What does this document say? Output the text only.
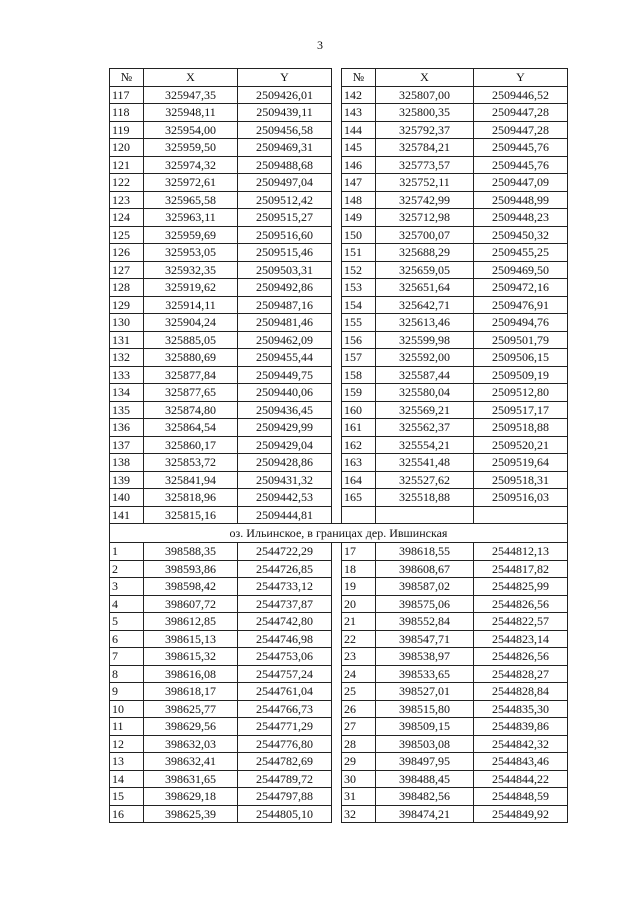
3
№	X	Y		№	X	Y
117	325947,35	2509426,01		142	325807,00	2509446,52
118	325948,11	2509439,11		143	325800,35	2509447,28
119	325954,00	2509456,58		144	325792,37	2509447,28
120	325959,50	2509469,31		145	325784,21	2509445,76
121	325974,32	2509488,68		146	325773,57	2509445,76
122	325972,61	2509497,04		147	325752,11	2509447,09
123	325965,58	2509512,42		148	325742,99	2509448,99
124	325963,11	2509515,27		149	325712,98	2509448,23
125	325959,69	2509516,60		150	325700,07	2509450,32
126	325953,05	2509515,46		151	325688,29	2509455,25
127	325932,35	2509503,31		152	325659,05	2509469,50
128	325919,62	2509492,86		153	325651,64	2509472,16
129	325914,11	2509487,16		154	325642,71	2509476,91
130	325904,24	2509481,46		155	325613,46	2509494,76
131	325885,05	2509462,09		156	325599,98	2509501,79
132	325880,69	2509455,44		157	325592,00	2509506,15
133	325877,84	2509449,75		158	325587,44	2509509,19
134	325877,65	2509440,06		159	325580,04	2509512,80
135	325874,80	2509436,45		160	325569,21	2509517,17
136	325864,54	2509429,99		161	325562,37	2509518,88
137	325860,17	2509429,04		162	325554,21	2509520,21
138	325853,72	2509428,86		163	325541,48	2509519,64
139	325841,94	2509431,32		164	325527,62	2509518,31
140	325818,96	2509442,53		165	325518,88	2509516,03
141	325815,16	2509444,81				
оз. Ильинское, в границах дер. Ившинская						
1	398588,35	2544722,29		17	398618,55	2544812,13
2	398593,86	2544726,85		18	398608,67	2544817,82
3	398598,42	2544733,12		19	398587,02	2544825,99
4	398607,72	2544737,87		20	398575,06	2544826,56
5	398612,85	2544742,80		21	398552,84	2544822,57
6	398615,13	2544746,98		22	398547,71	2544823,14
7	398615,32	2544753,06		23	398538,97	2544826,56
8	398616,08	2544757,24		24	398533,65	2544828,27
9	398618,17	2544761,04		25	398527,01	2544828,84
10	398625,77	2544766,73		26	398515,80	2544835,30
11	398629,56	2544771,29		27	398509,15	2544839,86
12	398632,03	2544776,80		28	398503,08	2544842,32
13	398632,41	2544782,69		29	398497,95	2544843,46
14	398631,65	2544789,72		30	398488,45	2544844,22
15	398629,18	2544797,88		31	398482,56	2544848,59
16	398625,39	2544805,10		32	398474,21	2544849,92
